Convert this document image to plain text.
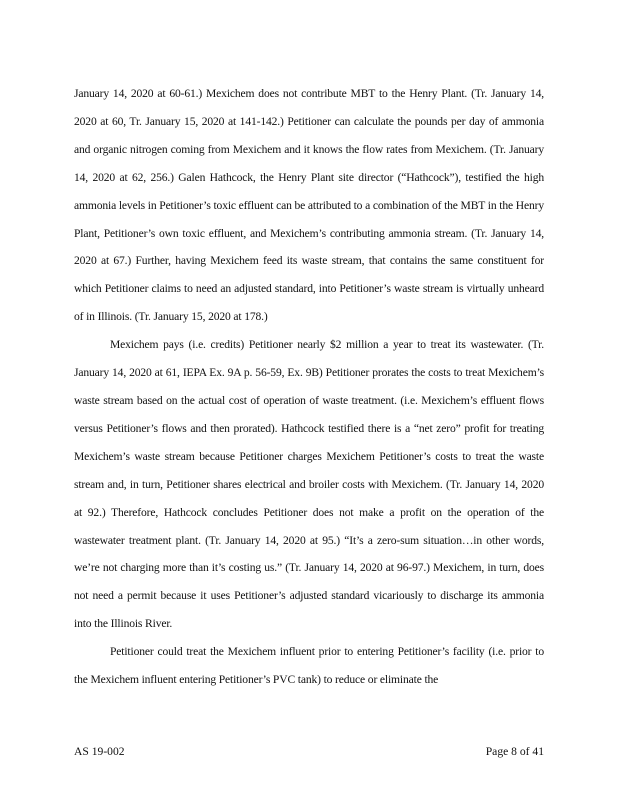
January 14, 2020 at 60-61.) Mexichem does not contribute MBT to the Henry Plant. (Tr. January 14, 2020 at 60, Tr. January 15, 2020 at 141-142.) Petitioner can calculate the pounds per day of ammonia and organic nitrogen coming from Mexichem and it knows the flow rates from Mexichem. (Tr. January 14, 2020 at 62, 256.) Galen Hathcock, the Henry Plant site director (“Hathcock”), testified the high ammonia levels in Petitioner’s toxic effluent can be attributed to a combination of the MBT in the Henry Plant, Petitioner’s own toxic effluent, and Mexichem’s contributing ammonia stream. (Tr. January 14, 2020 at 67.) Further, having Mexichem feed its waste stream, that contains the same constituent for which Petitioner claims to need an adjusted standard, into Petitioner’s waste stream is virtually unheard of in Illinois. (Tr. January 15, 2020 at 178.)

Mexichem pays (i.e. credits) Petitioner nearly $2 million a year to treat its wastewater. (Tr. January 14, 2020 at 61, IEPA Ex. 9A p. 56-59, Ex. 9B) Petitioner prorates the costs to treat Mexichem’s waste stream based on the actual cost of operation of waste treatment. (i.e. Mexichem’s effluent flows versus Petitioner’s flows and then prorated). Hathcock testified there is a “net zero” profit for treating Mexichem’s waste stream because Petitioner charges Mexichem Petitioner’s costs to treat the waste stream and, in turn, Petitioner shares electrical and broiler costs with Mexichem. (Tr. January 14, 2020 at 92.) Therefore, Hathcock concludes Petitioner does not make a profit on the operation of the wastewater treatment plant. (Tr. January 14, 2020 at 95.) “It’s a zero-sum situation…in other words, we’re not charging more than it’s costing us.” (Tr. January 14, 2020 at 96-97.) Mexichem, in turn, does not need a permit because it uses Petitioner’s adjusted standard vicariously to discharge its ammonia into the Illinois River.

Petitioner could treat the Mexichem influent prior to entering Petitioner’s facility (i.e. prior to the Mexichem influent entering Petitioner’s PVC tank) to reduce or eliminate the

AS 19-002	Page 8 of 41
